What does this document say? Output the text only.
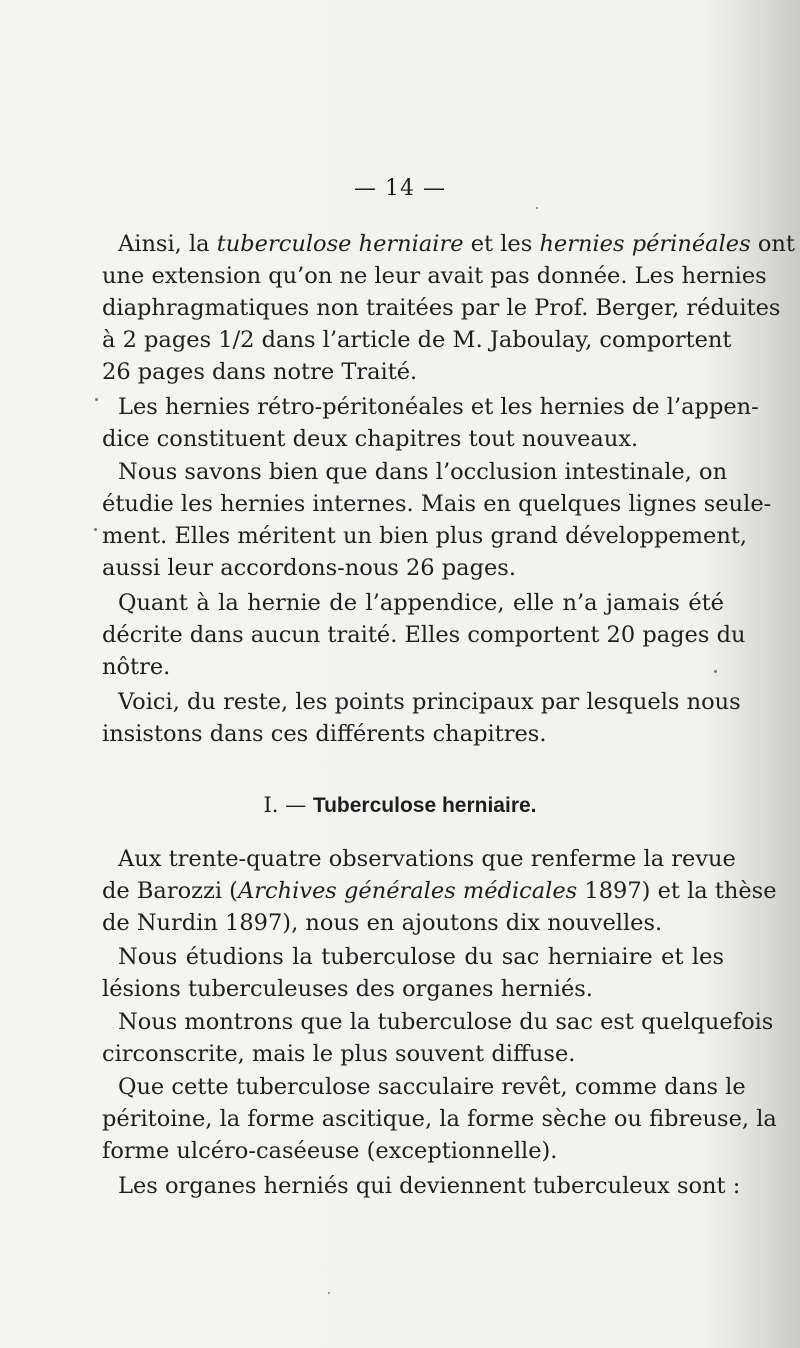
— 14 —
Ainsi, la tuberculose herniaire et les hernies périnéales ont
une extension qu’on ne leur avait pas donnée. Les hernies
diaphragmatiques non traitées par le Prof. Berger, réduites
à 2 pages 1/2 dans l’article de M. Jaboulay, comportent
26 pages dans notre Traité.
Les hernies rétro-péritonéales et les hernies de l’appen-
dice constituent deux chapitres tout nouveaux.
Nous savons bien que dans l’occlusion intestinale, on
étudie les hernies internes. Mais en quelques lignes seule-
ment. Elles méritent un bien plus grand développement,
aussi leur accordons-nous 26 pages.
Quant à la hernie de l’appendice, elle n’a jamais été
décrite dans aucun traité. Elles comportent 20 pages du
nôtre.
Voici, du reste, les points principaux par lesquels nous
insistons dans ces différents chapitres.
I. — Tuberculose herniaire.
Aux trente-quatre observations que renferme la revue
de Barozzi (Archives générales médicales 1897) et la thèse
de Nurdin 1897), nous en ajoutons dix nouvelles.
Nous étudions la tuberculose du sac herniaire et les
lésions tuberculeuses des organes herniés.
Nous montrons que la tuberculose du sac est quelquefois
circonscrite, mais le plus souvent diffuse.
Que cette tuberculose sacculaire revêt, comme dans le
péritoine, la forme ascitique, la forme sèche ou fibreuse, la
forme ulcéro-caséeuse (exceptionnelle).
Les organes herniés qui deviennent tuberculeux sont :
